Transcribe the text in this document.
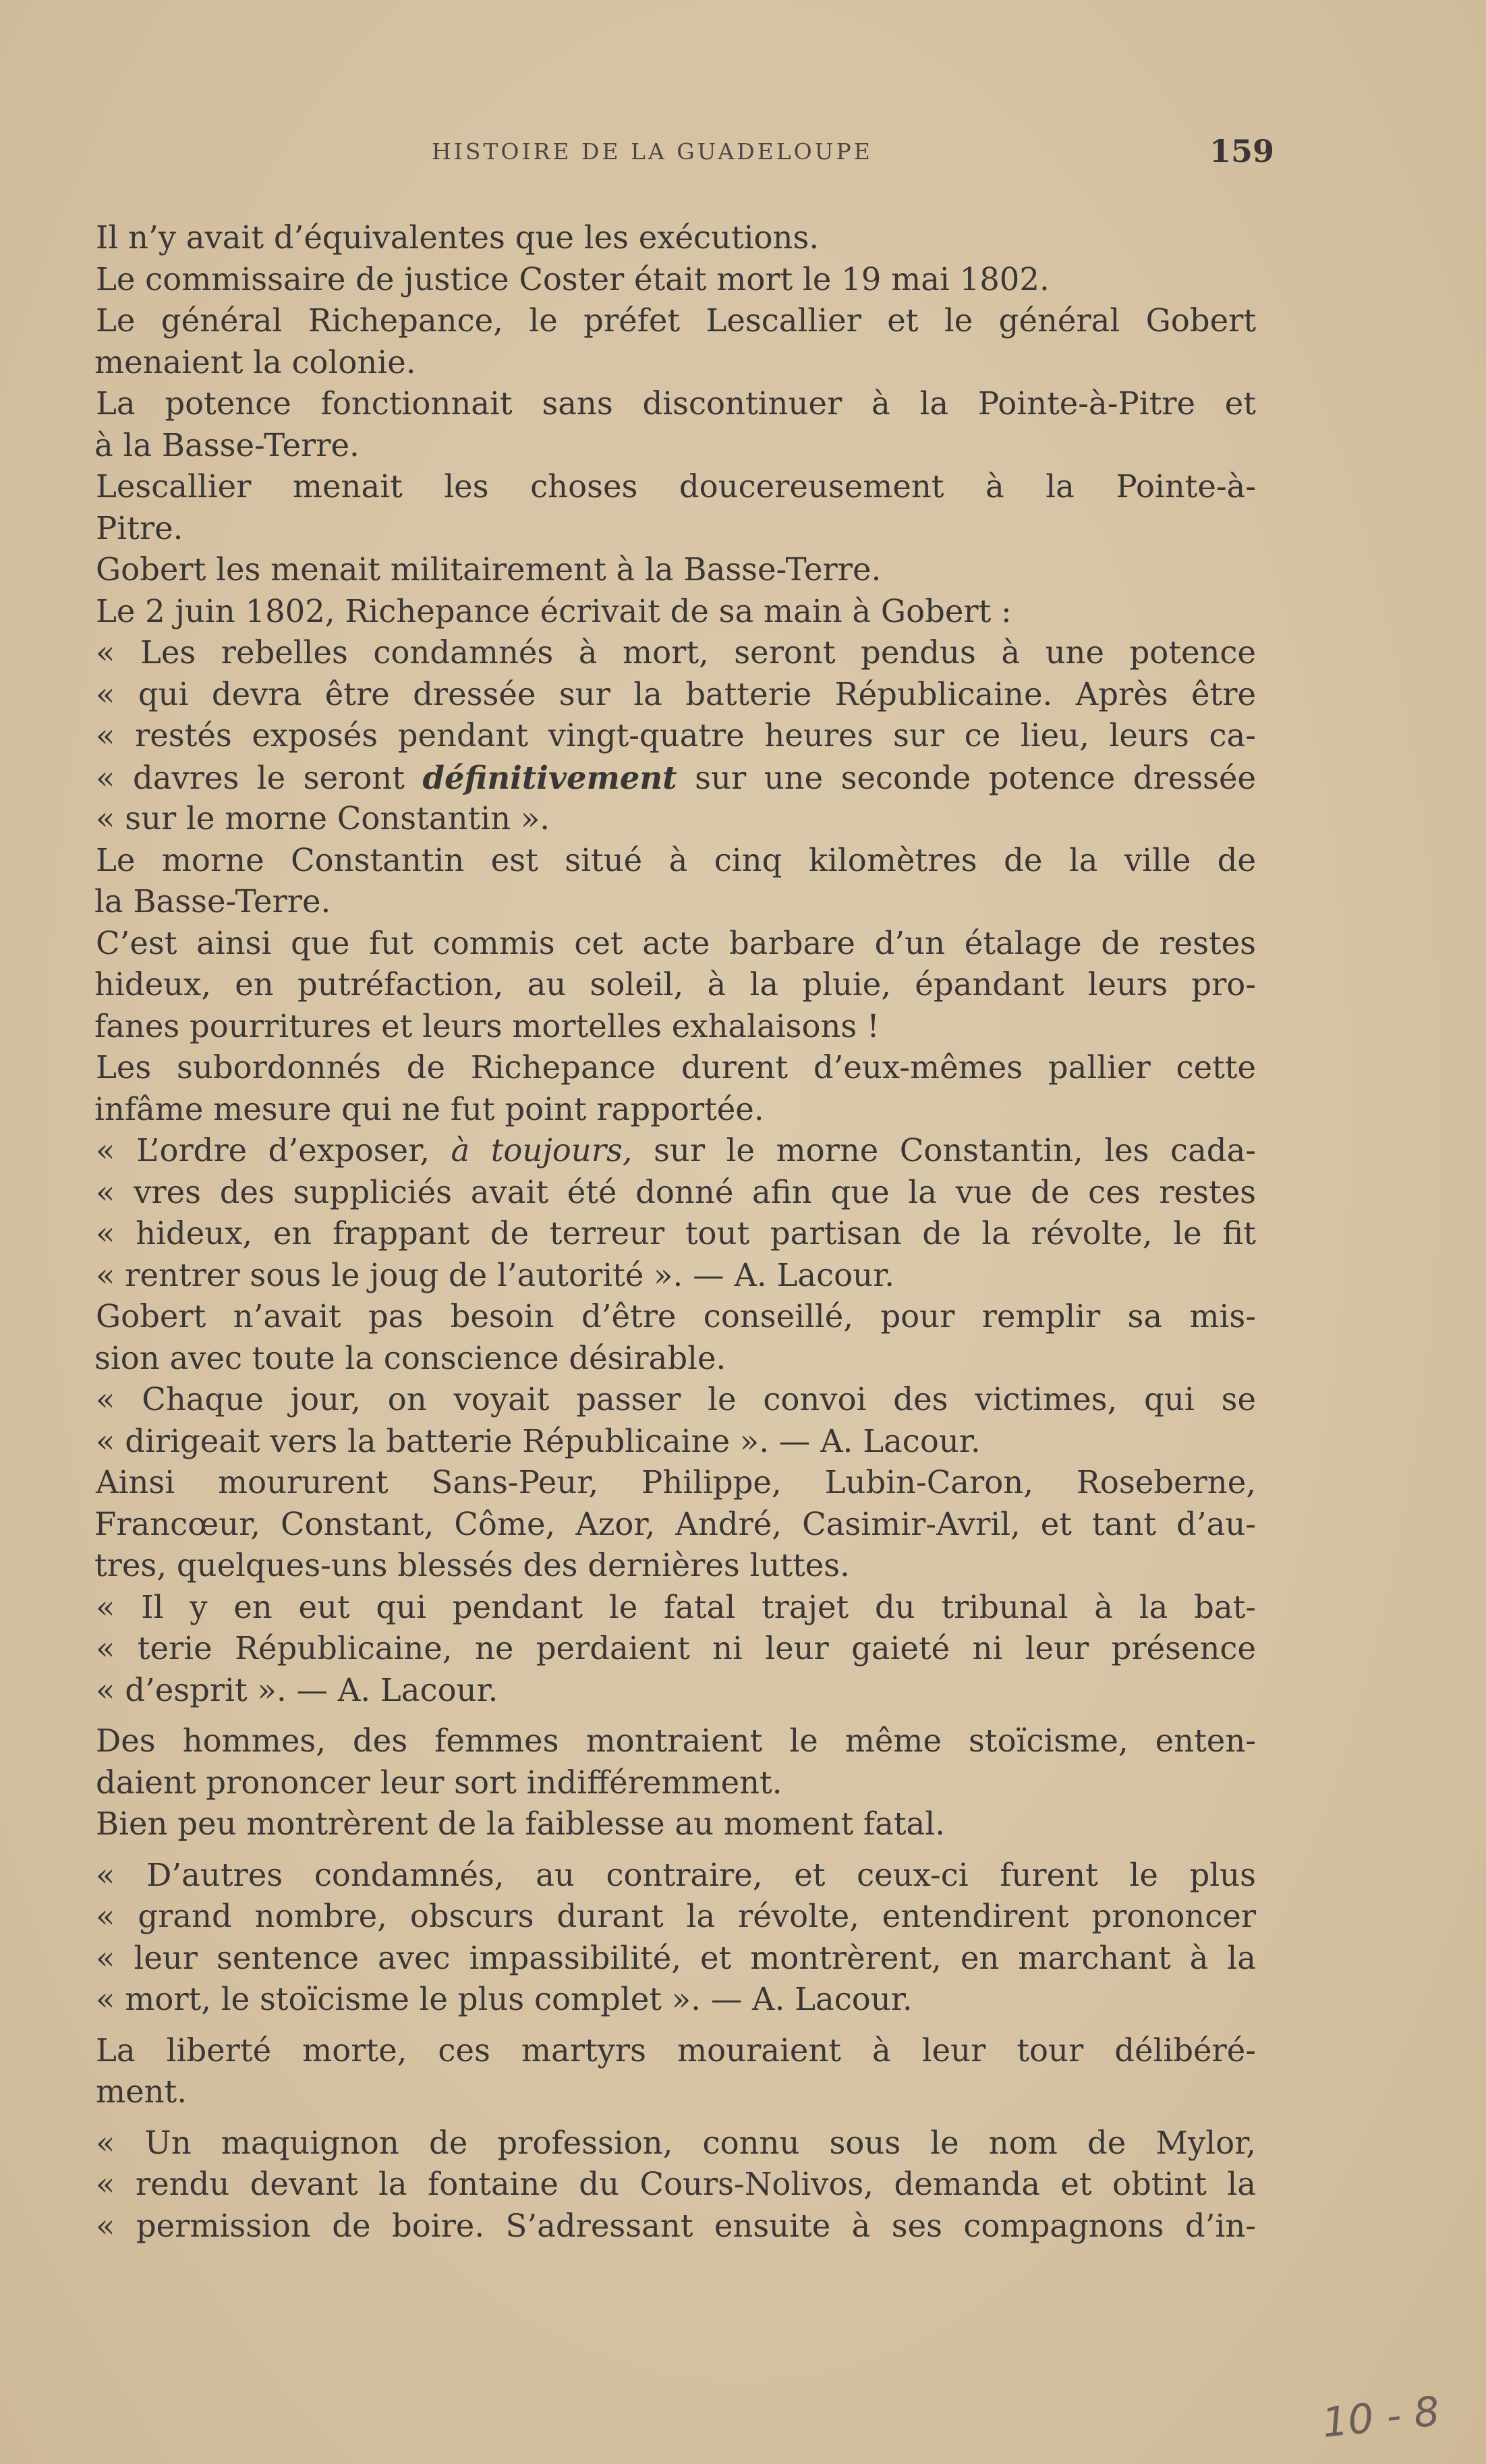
HISTOIRE DE LA GUADELOUPE	159
Il n’y avait d’équivalentes que les exécutions.
Le commissaire de justice Coster était mort le 19 mai 1802.
Le général Richepance, le préfet Lescallier et le général Gobert
menaient la colonie.
La potence fonctionnait sans discontinuer à la Pointe-à-Pitre et
à la Basse-Terre.
Lescallier menait les choses doucereusement à la Pointe-à-
Pitre.
Gobert les menait militairement à la Basse-Terre.
Le 2 juin 1802, Richepance écrivait de sa main à Gobert :
« Les rebelles condamnés à mort, seront pendus à une potence
« qui devra être dressée sur la batterie Républicaine. Après être
« restés exposés pendant vingt-quatre heures sur ce lieu, leurs ca-
« davres le seront définitivement sur une seconde potence dressée
« sur le morne Constantin ».
Le morne Constantin est situé à cinq kilomètres de la ville de
la Basse-Terre.
C’est ainsi que fut commis cet acte barbare d’un étalage de restes
hideux, en putréfaction, au soleil, à la pluie, épandant leurs pro-
fanes pourritures et leurs mortelles exhalaisons !
Les subordonnés de Richepance durent d’eux-mêmes pallier cette
infâme mesure qui ne fut point rapportée.
« L’ordre d’exposer, à toujours, sur le morne Constantin, les cada-
« vres des suppliciés avait été donné afin que la vue de ces restes
« hideux, en frappant de terreur tout partisan de la révolte, le fit
« rentrer sous le joug de l’autorité ». — A. Lacour.
Gobert n’avait pas besoin d’être conseillé, pour remplir sa mis-
sion avec toute la conscience désirable.
« Chaque jour, on voyait passer le convoi des victimes, qui se
« dirigeait vers la batterie Républicaine ». — A. Lacour.
Ainsi moururent Sans-Peur, Philippe, Lubin-Caron, Roseberne,
Francœur, Constant, Côme, Azor, André, Casimir-Avril, et tant d’au-
tres, quelques-uns blessés des dernières luttes.
« Il y en eut qui pendant le fatal trajet du tribunal à la bat-
« terie Républicaine, ne perdaient ni leur gaieté ni leur présence
« d’esprit ». — A. Lacour.
Des hommes, des femmes montraient le même stoïcisme, enten-
daient prononcer leur sort indifféremment.
Bien peu montrèrent de la faiblesse au moment fatal.
« D’autres condamnés, au contraire, et ceux-ci furent le plus
« grand nombre, obscurs durant la révolte, entendirent prononcer
« leur sentence avec impassibilité, et montrèrent, en marchant à la
« mort, le stoïcisme le plus complet ». — A. Lacour.
La liberté morte, ces martyrs mouraient à leur tour délibéré-
ment.
« Un maquignon de profession, connu sous le nom de Mylor,
« rendu devant la fontaine du Cours-Nolivos, demanda et obtint la
« permission de boire. S’adressant ensuite à ses compagnons d’in-
10 - 8
